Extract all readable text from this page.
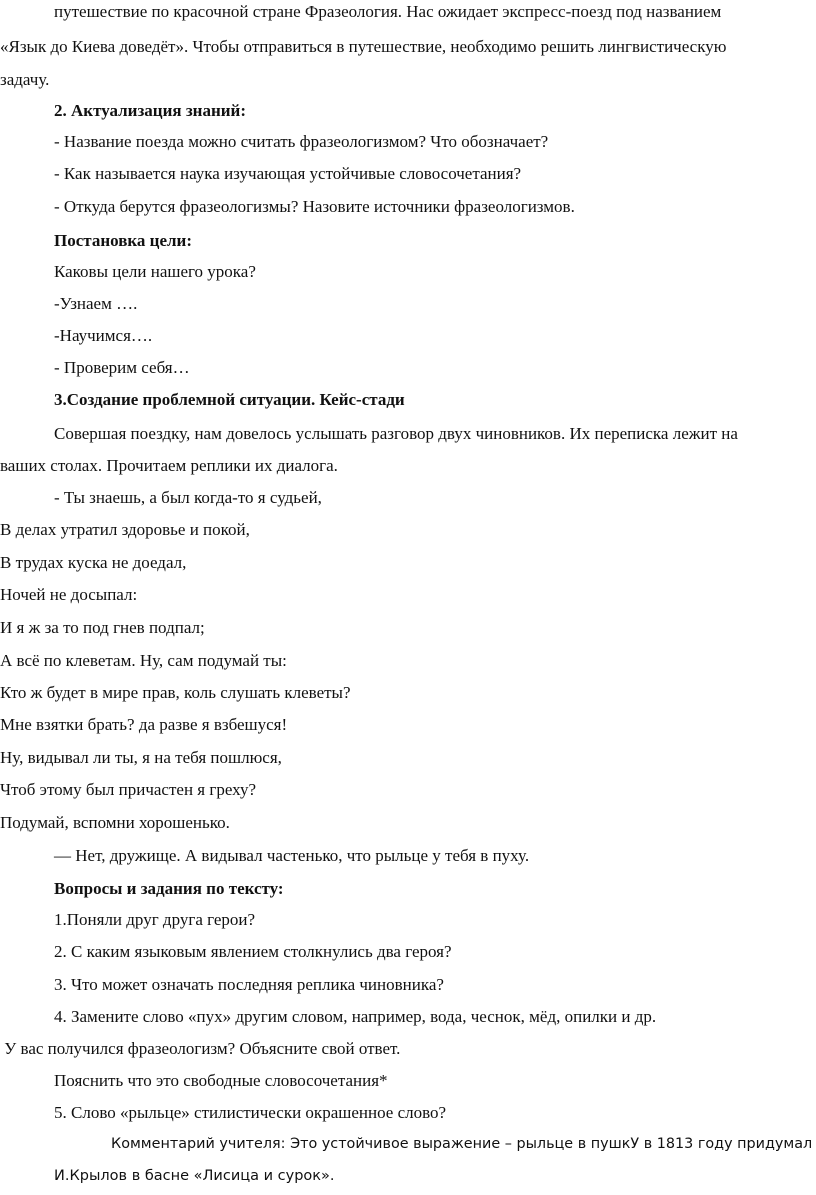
путешествие по красочной стране Фразеология. Нас ожидает экспресс-поезд под названием
«Язык до Киева доведёт». Чтобы отправиться в путешествие, необходимо решить лингвистическую
задачу.
2. Актуализация знаний:
- Название поезда можно считать фразеологизмом? Что обозначает?
- Как называется наука изучающая устойчивые словосочетания?
- Откуда берутся фразеологизмы? Назовите источники фразеологизмов.
Постановка цели:
Каковы цели нашего урока?
-Узнаем ….
-Научимся….
- Проверим себя…
3.Создание проблемной ситуации. Кейс-стади
Совершая поездку, нам довелось услышать разговор двух чиновников. Их переписка лежит на
ваших столах. Прочитаем реплики их диалога.
- Ты знаешь, а был когда-то я судьей,
В делах утратил здоровье и покой,
В трудах куска не доедал,
Ночей не досыпал:
И я ж за то под гнев подпал;
А всё по клеветам. Ну, сам подумай ты:
Кто ж будет в мире прав, коль слушать клеветы?
Мне взятки брать? да разве я взбешуся!
Ну, видывал ли ты, я на тебя пошлюся,
Чтоб этому был причастен я греху?
Подумай, вспомни хорошенько.
— Нет, дружище. А видывал частенько, что рыльце у тебя в пуху.
Вопросы и задания по тексту:
1.Поняли друг друга герои?
2. С каким языковым явлением столкнулись два героя?
3. Что может означать последняя реплика чиновника?
4. Замените слово «пух» другим словом, например, вода, чеснок, мёд, опилки и др.
У вас получился фразеологизм? Объясните свой ответ.
Пояснить что это свободные словосочетания*
5. Слово «рыльце» стилистически окрашенное слово?
Комментарий учителя: Это устойчивое выражение – рыльце в пушкУ в 1813 году придумал
И.Крылов в басне «Лисица и сурок».
